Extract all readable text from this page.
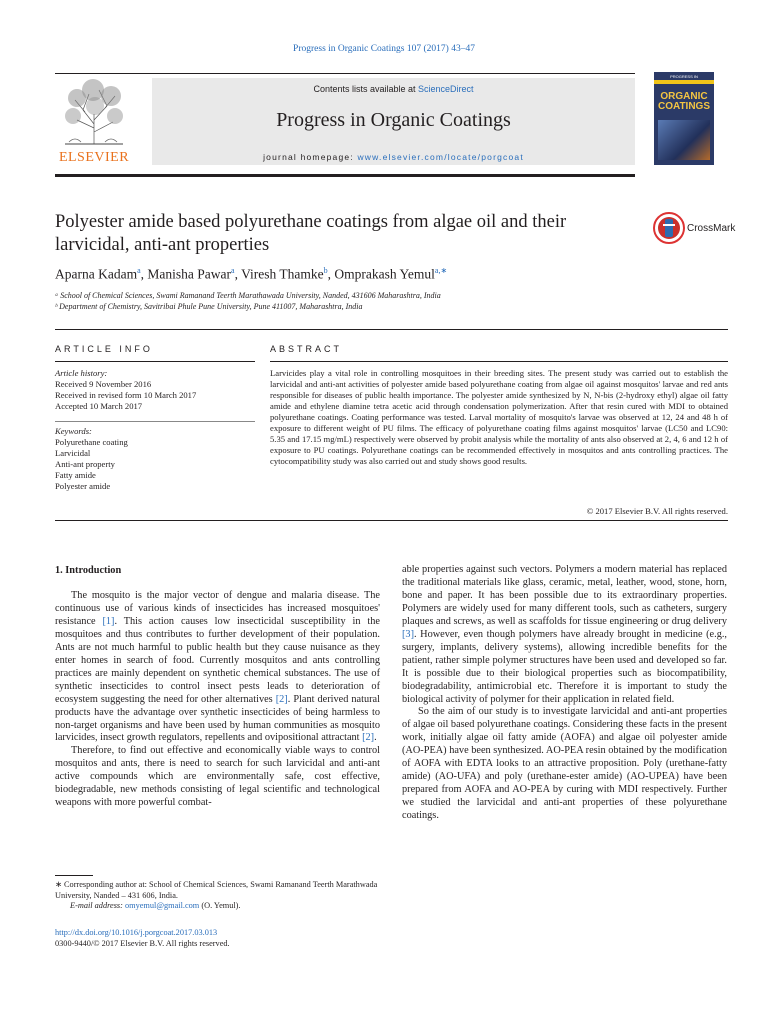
Progress in Organic Coatings 107 (2017) 43–47
ELSEVIER
Contents lists available at ScienceDirect
Progress in Organic Coatings
journal homepage: www.elsevier.com/locate/porgcoat
PROGRESS IN
ORGANIC
COATINGS
Polyester amide based polyurethane coatings from algae oil and their
larvicidal, anti-ant properties
CrossMark
Aparna Kadam$^a$, Manisha Pawar$^a$, Viresh Thamke$^b$, Omprakash Yemul$^{a,∗}$
ᵃ School of Chemical Sciences, Swami Ramanand Teerth Marathawada University, Nanded, 431606 Maharashtra, India
ᵇ Department of Chemistry, Savitribai Phule Pune University, Pune 411007, Maharashtra, India
ARTICLE INFO	ABSTRACT
Article history:
Received 9 November 2016
Received in revised form 10 March 2017
Accepted 10 March 2017
Keywords:
Polyurethane coating
Larvicidal
Anti-ant property
Fatty amide
Polyester amide
Larvicides play a vital role in controlling mosquitoes in their breeding sites. The present study was carried out to establish the larvicidal and anti-ant activities of polyester amide based polyurethane coating from algae oil against mosquitos' larvae and red ants responsible for diseases of public health importance. The polyester amide synthesized by N, N-bis (2-hydroxy ethyl) algae oil fatty amide and ethylene diamine tetra acetic acid through condensation polymerization. After that resin cured with MDI to obtained polyurethane coatings. Coating performance was tested. Larval mortality of mosquito's larvae was observed at 12, 24 and 48 h of exposure to different weight of PU films. The efficacy of polyurethane coating films against mosquitos' larvae (LC50 and LC90: 5.35 and 17.15 mg/mL) respectively were observed by probit analysis while the mortality of ants also observed at 2, 4, 6 and 12 h of exposure to PU coatings. Polyurethane coatings can be recommended effectively in mosquitos and ants controlling practices. The cytocompatibility study was also carried out and study shows good results.
© 2017 Elsevier B.V. All rights reserved.
1. Introduction

The mosquito is the major vector of dengue and malaria disease. The continuous use of various kinds of insecticides has increased mosquitoes' resistance [1]. This action causes low insecticidal susceptibility in the mosquitoes and thus contributes to further development of their population. Ants are not much harmful to public health but they cause nuisance as they enter homes in search of food. Currently mosquitos and ants controlling practices are mainly dependent on synthetic chemical substances. The use of synthetic insecticides to control insect pests leads to deterioration of ecosystem suggesting the need for other alternatives [2]. Plant derived natural products have the advantage over synthetic insecticides of being harmless to non-target organisms and have been used by human communities as mosquito larvicides, insect growth regulators, repellents and ovipositional attractant [2].

Therefore, to find out effective and economically viable ways to control mosquitos and ants, there is need to search for such larvicidal and anti-ant active compounds which are environmentally safe, cost effective, biodegradable, new methods consisting of legal scientific and technological weapons with more powerful combat-

able properties against such vectors. Polymers a modern material has replaced the traditional materials like glass, ceramic, metal, leather, wood, stone, horn, bone and paper. It has been possible due to its extraordinary properties. Polymers are widely used for many different tools, such as catheters, surgery plaques and screws, as well as scaffolds for tissue engineering or drug delivery [3]. However, even though polymers have already brought in medicine (e.g., surgery, implants, delivery systems), allowing incredible benefits for the patient, rather simple polymer structures have been used and developed so far. It is possible due to their biological properties such as biocompatibility, biodegradability, antimicrobial etc. Therefore it is important to study the biological activity of polymer for their application in related field.

So the aim of our study is to investigate larvicidal and anti-ant properties of algae oil based polyurethane coatings. Considering these facts in the present work, initially algae oil fatty amide (AOFA) and algae oil polyester amide (AO-PEA) have been synthesized. AO-PEA resin obtained by the modification of AOFA with EDTA looks to an attractive proposition. Poly (urethane-fatty amide) (AO-UFA) and poly (urethane-ester amide) (AO-UPEA) have been prepared from AOFA and AO-PEA by curing with MDI respectively. Further we studied the larvicidal and anti-ant properties of these polyurethane coatings.

∗ Corresponding author at: School of Chemical Sciences, Swami Ramanand Teerth Marathwada University, Nanded – 431 606, India.
E-mail address: omyemul@gmail.com (O. Yemul).
http://dx.doi.org/10.1016/j.porgcoat.2017.03.013
0300-9440/© 2017 Elsevier B.V. All rights reserved.
